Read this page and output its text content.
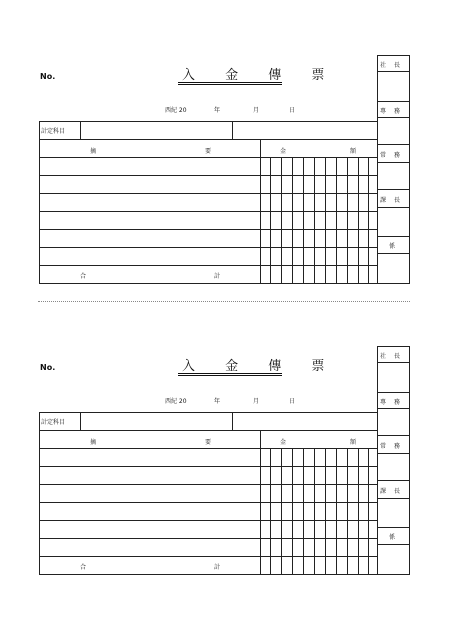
No.	入 金 傳 票
西紀 20	年	月	日
計定科目
摘	要	金	額
合	計
社　長
專　務
常　務
課　長
係
No.	入 金 傳 票
西紀 20	年	月	日
計定科目
摘	要	金	額
合	計
社　長
專　務
常　務
課　長
係
